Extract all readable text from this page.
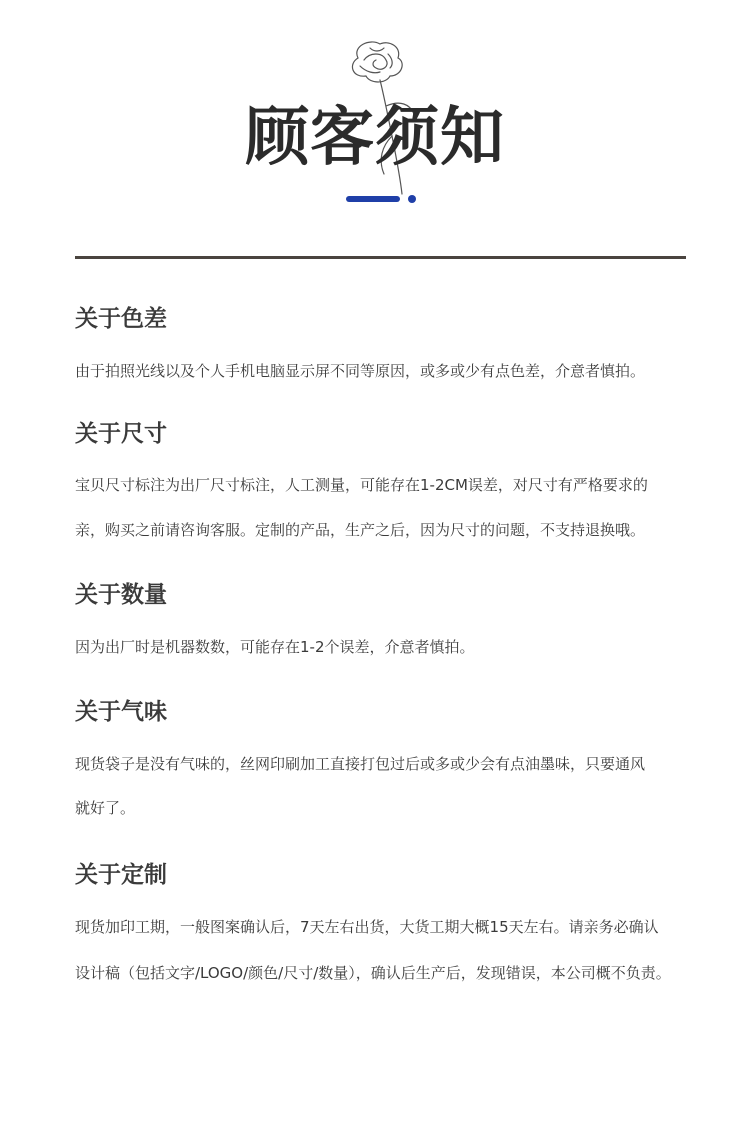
顾客须知
关于色差
由于拍照光线以及个人手机电脑显示屏不同等原因，或多或少有点色差，介意者慎拍。
关于尺寸
宝贝尺寸标注为出厂尺寸标注，人工测量，可能存在1-2CM误差，对尺寸有严格要求的
亲，购买之前请咨询客服。定制的产品，生产之后，因为尺寸的问题，不支持退换哦。
关于数量
因为出厂时是机器数数，可能存在1-2个误差，介意者慎拍。
关于气味
现货袋子是没有气味的，丝网印刷加工直接打包过后或多或少会有点油墨味，只要通风
就好了。
关于定制
现货加印工期，一般图案确认后，7天左右出货，大货工期大概15天左右。请亲务必确认
设计稿（包括文字/LOGO/颜色/尺寸/数量），确认后生产后，发现错误，本公司概不负责。
